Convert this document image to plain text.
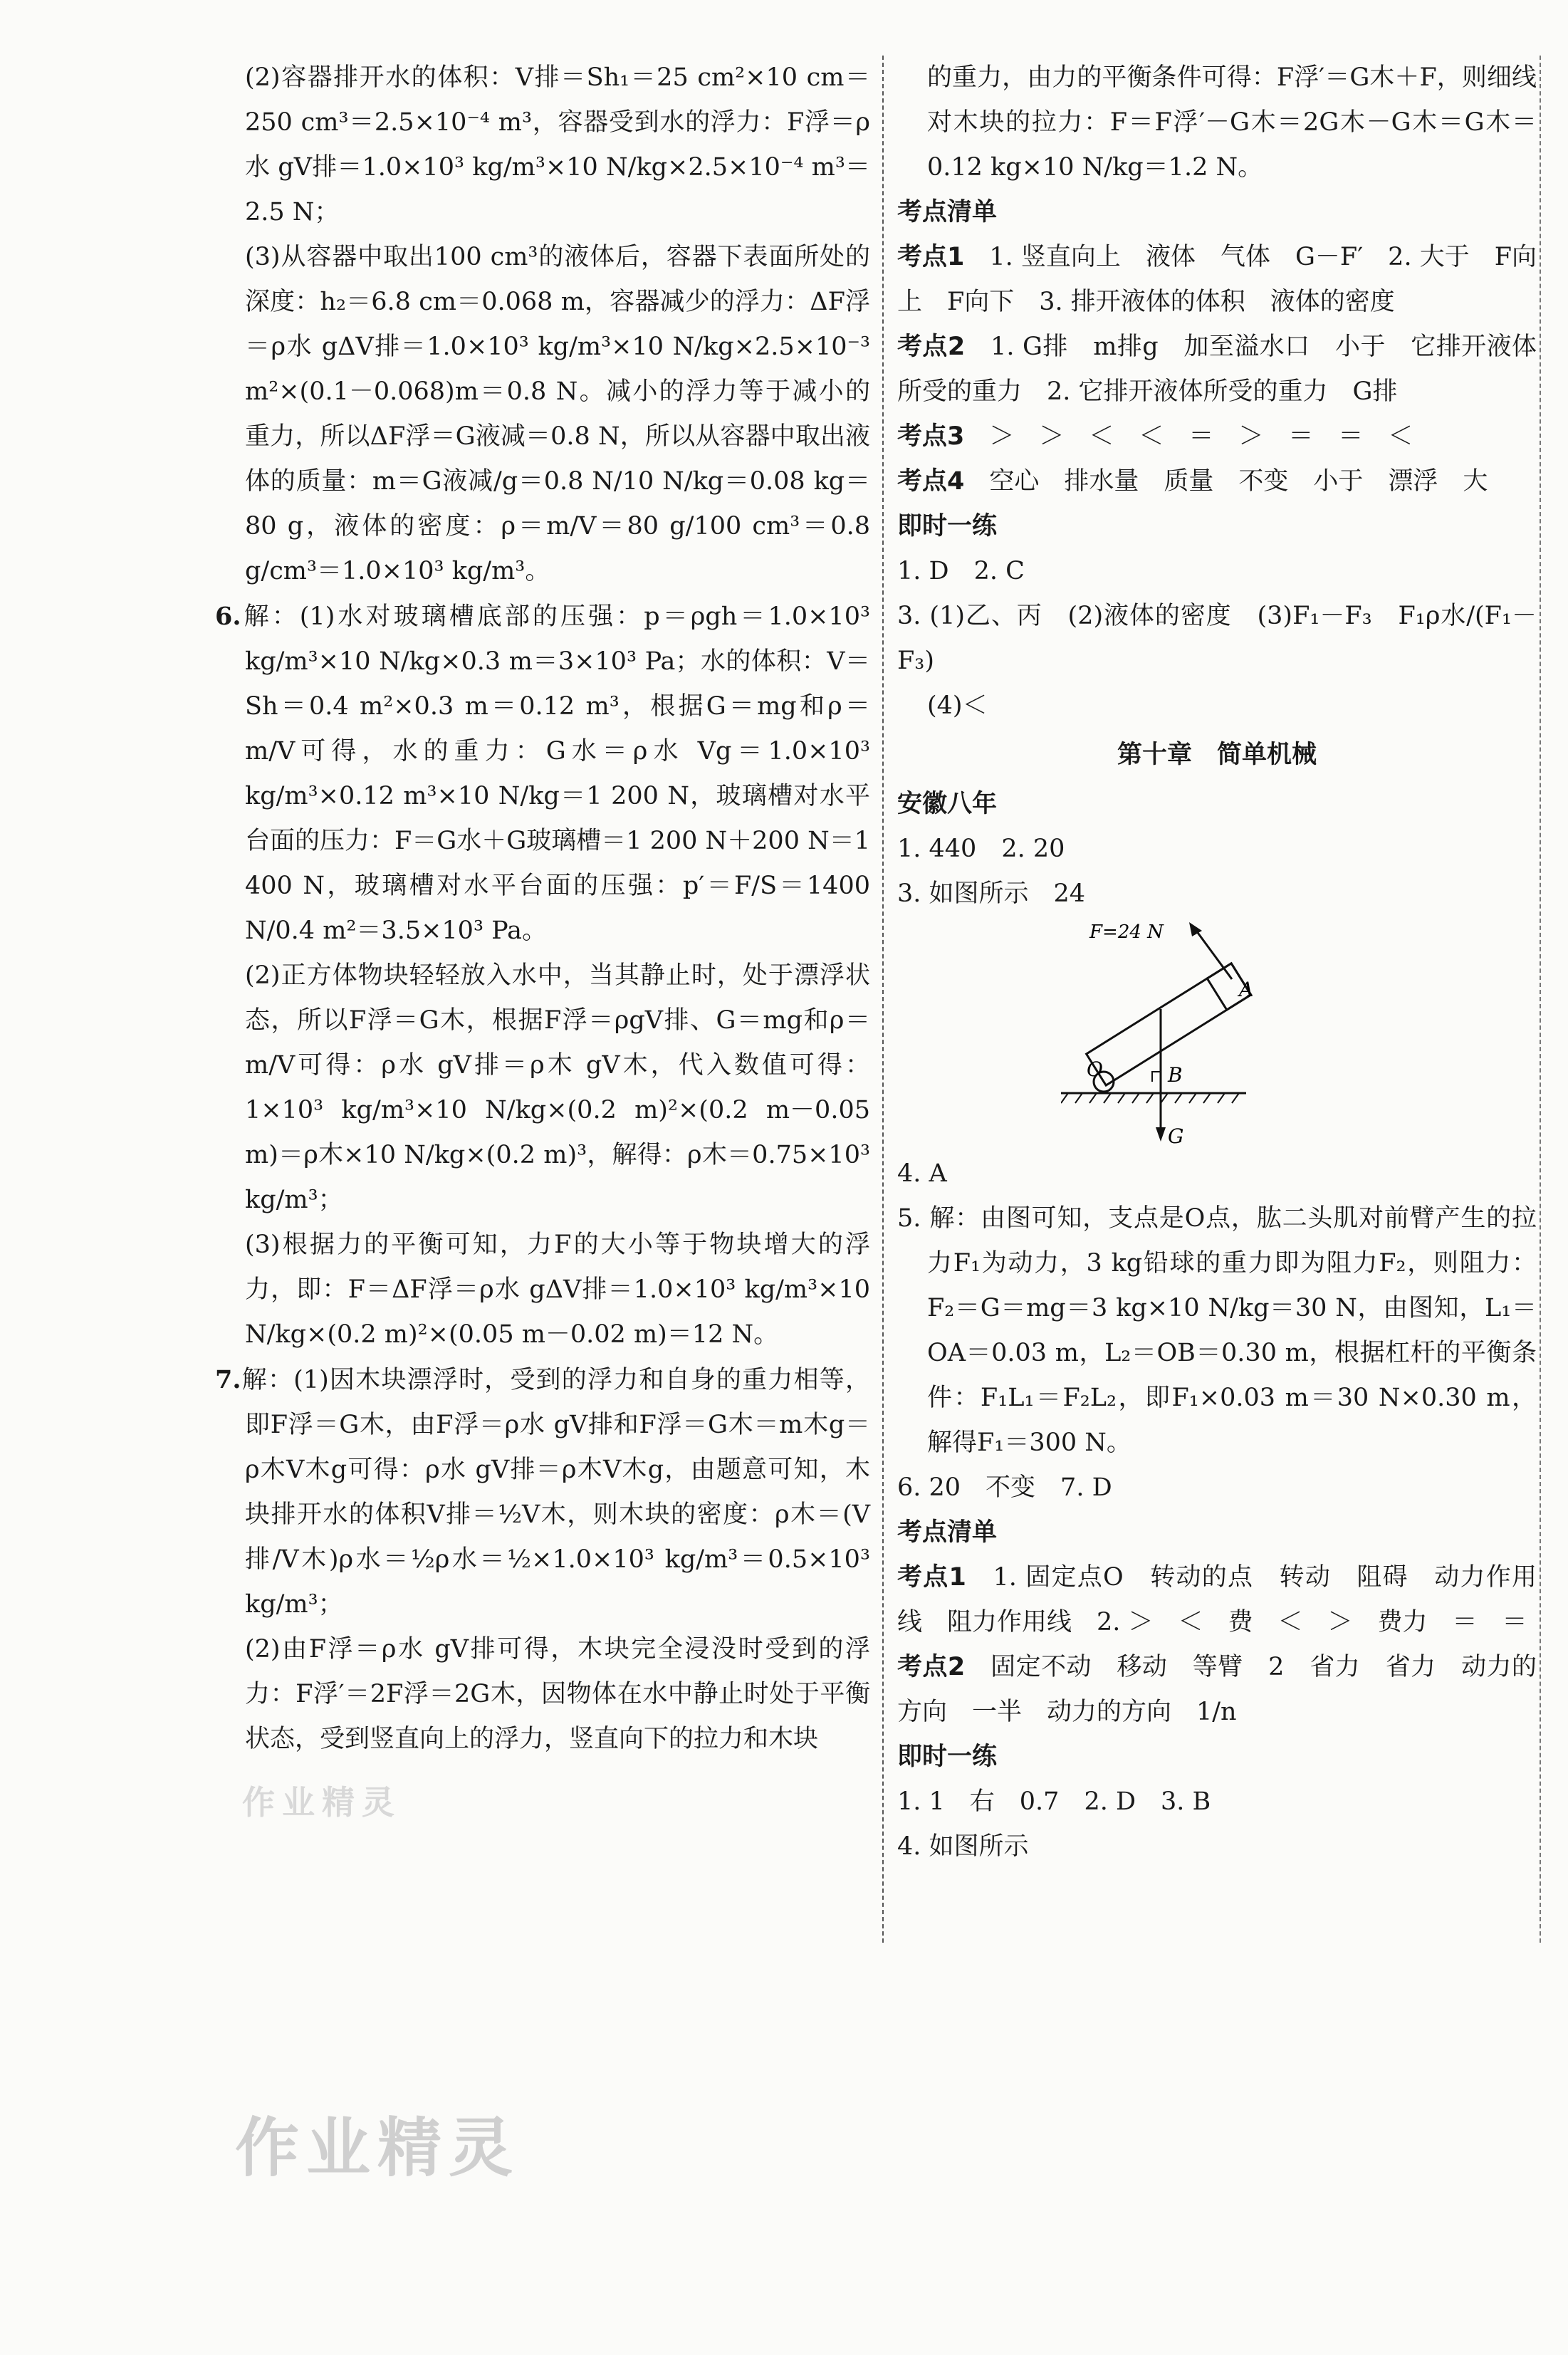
(2)容器排开水的体积：V排＝Sh₁＝25 cm²×10 cm＝250 cm³＝2.5×10⁻⁴ m³，容器受到水的浮力：F浮＝ρ水 gV排＝1.0×10³ kg/m³×10 N/kg×2.5×10⁻⁴ m³＝2.5 N；

(3)从容器中取出100 cm³的液体后，容器下表面所处的深度：h₂＝6.8 cm＝0.068 m，容器减少的浮力：ΔF浮＝ρ水 gΔV排＝1.0×10³ kg/m³×10 N/kg×2.5×10⁻³ m²×(0.1－0.068)m＝0.8 N。减小的浮力等于减小的重力，所以ΔF浮＝G液减＝0.8 N，所以从容器中取出液体的质量：m＝G液减/g＝0.8 N/10 N/kg＝0.08 kg＝80 g，液体的密度：ρ＝m/V＝80 g/100 cm³＝0.8 g/cm³＝1.0×10³ kg/m³。

6.解：(1)水对玻璃槽底部的压强：p＝ρgh＝1.0×10³ kg/m³×10 N/kg×0.3 m＝3×10³ Pa；水的体积：V＝Sh＝0.4 m²×0.3 m＝0.12 m³，根据G＝mg和ρ＝m/V可得，水的重力：G水＝ρ水 Vg＝1.0×10³ kg/m³×0.12 m³×10 N/kg＝1 200 N，玻璃槽对水平台面的压力：F＝G水＋G玻璃槽＝1 200 N＋200 N＝1 400 N，玻璃槽对水平台面的压强：p′＝F/S＝1400 N/0.4 m²＝3.5×10³ Pa。

(2)正方体物块轻轻放入水中，当其静止时，处于漂浮状态，所以F浮＝G木，根据F浮＝ρgV排、G＝mg和ρ＝m/V可得：ρ水 gV排＝ρ木 gV木，代入数值可得：1×10³ kg/m³×10 N/kg×(0.2 m)²×(0.2 m－0.05 m)＝ρ木×10 N/kg×(0.2 m)³，解得：ρ木＝0.75×10³ kg/m³；

(3)根据力的平衡可知，力F的大小等于物块增大的浮力，即：F＝ΔF浮＝ρ水 gΔV排＝1.0×10³ kg/m³×10 N/kg×(0.2 m)²×(0.05 m－0.02 m)＝12 N。

7.解：(1)因木块漂浮时，受到的浮力和自身的重力相等，即F浮＝G木，由F浮＝ρ水 gV排和F浮＝G木＝m木g＝ρ木V木g可得：ρ水 gV排＝ρ木V木g，由题意可知，木块排开水的体积V排＝½V木，则木块的密度：ρ木＝(V排/V木)ρ水＝½ρ水＝½×1.0×10³ kg/m³＝0.5×10³ kg/m³；

(2)由F浮＝ρ水 gV排可得，木块完全浸没时受到的浮力：F浮′＝2F浮＝2G木，因物体在水中静止时处于平衡状态，受到竖直向上的浮力，竖直向下的拉力和木块

的重力，由力的平衡条件可得：F浮′＝G木＋F，则细线对木块的拉力：F＝F浮′－G木＝2G木－G木＝G木＝0.12 kg×10 N/kg＝1.2 N。

考点清单

考点1　1. 竖直向上　液体　气体　G－F′　2. 大于　F向上　F向下　3. 排开液体的体积　液体的密度

考点2　1. G排　m排g　加至溢水口　小于　它排开液体所受的重力　2. 它排开液体所受的重力　G排

考点3　＞　＞　＜　＜　＝　＞　＝　＝　＜

考点4　空心　排水量　质量　不变　小于　漂浮　大

即时一练

1. D　2. C

3. (1)乙、丙　(2)液体的密度　(3)F₁－F₃　F₁ρ水/(F₁－F₃)

(4)＜

第十章　简单机械

安徽八年

1. 440　2. 20

3. 如图所示　24

F=24 N
O
A
B
G

4. A

5. 解：由图可知，支点是O点，肱二头肌对前臂产生的拉力F₁为动力，3 kg铅球的重力即为阻力F₂，则阻力：F₂＝G＝mg＝3 kg×10 N/kg＝30 N，由图知，L₁＝OA＝0.03 m，L₂＝OB＝0.30 m，根据杠杆的平衡条件：F₁L₁＝F₂L₂，即F₁×0.03 m＝30 N×0.30 m，解得F₁＝300 N。

6. 20　不变　7. D

考点清单

考点1　1. 固定点O　转动的点　转动　阻碍　动力作用线　阻力作用线　2. ＞　＜　费　＜　＞　费力　＝　＝

考点2　固定不动　移动　等臂　2　省力　省力　动力的方向　一半　动力的方向　1/n

即时一练

1. 1　右　0.7　2. D　3. B

4. 如图所示

作业精灵
作业精灵
